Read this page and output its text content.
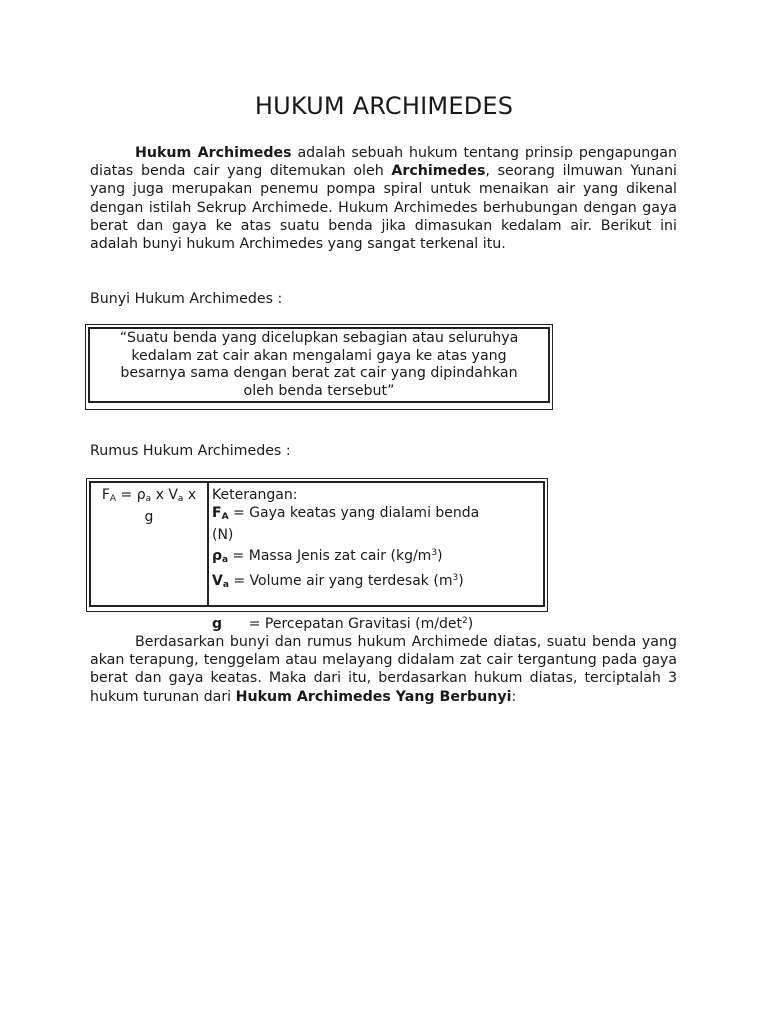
HUKUM ARCHIMEDES
Hukum Archimedes adalah sebuah hukum tentang prinsip pengapungan diatas benda cair yang ditemukan oleh Archimedes, seorang ilmuwan Yunani yang juga merupakan penemu pompa spiral untuk menaikan air yang dikenal dengan istilah Sekrup Archimede. Hukum Archimedes berhubungan dengan gaya berat dan gaya ke atas suatu benda jika dimasukan kedalam air. Berikut ini adalah bunyi hukum Archimedes yang sangat terkenal itu.
Bunyi Hukum Archimedes :
“Suatu benda yang dicelupkan sebagian atau seluruhya
kedalam zat cair akan mengalami gaya ke atas yang
besarnya sama dengan berat zat cair yang dipindahkan
oleh benda tersebut”
Rumus Hukum Archimedes :
$F_A = \rho_a$ x $V_a$ x
g
Keterangan:
$F_A$ = Gaya keatas yang dialami benda
(N)
$\rho_a$ = Massa Jenis zat cair $(kg/m^3)$
$V_a$ = Volume air yang terdesak $(m^3)$
g      = Percepatan Gravitasi $(m/\det^2)$
Berdasarkan bunyi dan rumus hukum Archimede diatas, suatu benda yang akan terapung, tenggelam atau melayang didalam zat cair tergantung pada gaya berat dan gaya keatas. Maka dari itu, berdasarkan hukum diatas, terciptalah 3 hukum turunan dari Hukum Archimedes Yang Berbunyi:
